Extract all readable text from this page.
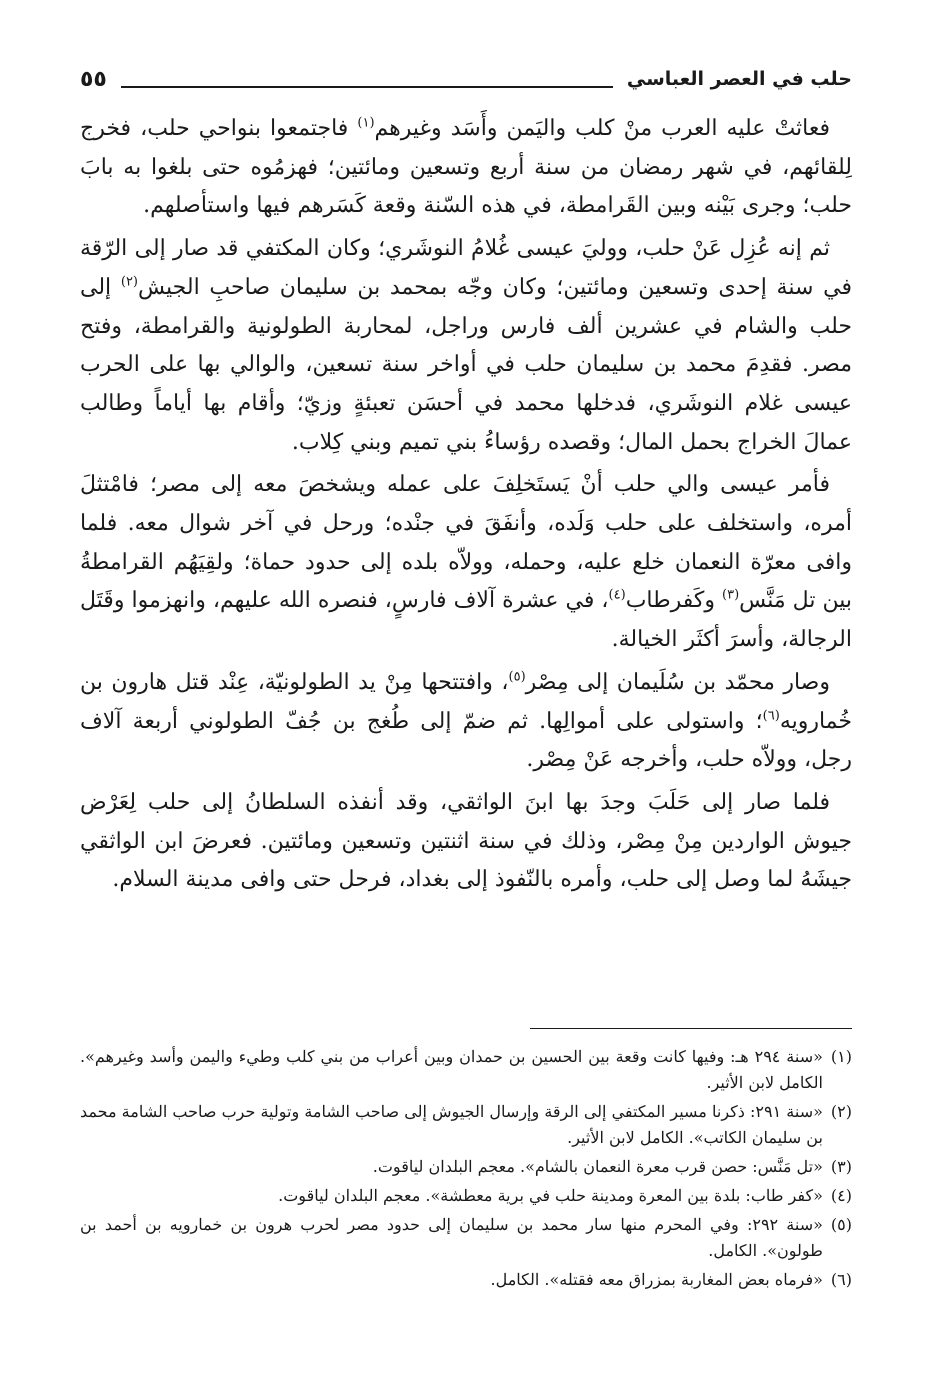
حلب في العصر العباسي
٥٥

فعاثتْ عليه العرب منْ كلب واليَمن وأَسَد وغيرهم$^{(١)}$ فاجتمعوا بنواحي حلب، فخرج لِلقائهم، في شهر رمضان من سنة أربع وتسعين ومائتين؛ فهزمُوه حتى بلغوا به بابَ حلب؛ وجرى بَيْنه وبين القَرامطة، في هذه السّنة وقعة كَسَرهم فيها واستأصلهم.

ثم إنه عُزِل عَنْ حلب، ووليَ عيسى غُلامُ النوشَري؛ وكان المكتفي قد صار إلى الرّقة في سنة إحدى وتسعين ومائتين؛ وكان وجّه بمحمد بن سليمان صاحبِ الجيش$^{(٢)}$ إلى حلب والشام في عشرين ألف فارس وراجل، لمحاربة الطولونية والقرامطة، وفتح مصر. فقدِمَ محمد بن سليمان حلب في أواخر سنة تسعين، والوالي بها على الحرب عيسى غلام النوشَري، فدخلها محمد في أحسَن تعبئةٍ وزيّ؛ وأقام بها أياماً وطالب عمالَ الخراج بحمل المال؛ وقصده رؤساءُ بني تميم وبني كِلاب.

فأمر عيسى والي حلب أنْ يَستَخلِفَ على عمله ويشخصَ معه إلى مصر؛ فامْتثلَ أمره، واستخلف على حلب وَلَده، وأنفَقَ في جنْده؛ ورحل في آخر شوال معه. فلما وافى معرّة النعمان خلع عليه، وحمله، وولاّه بلده إلى حدود حماة؛ ولقِيَهُم القرامطةُ بين تل مَنَّس$^{(٣)}$ وكَفرطاب$^{(٤)}$، في عشرة آلاف فارسٍ، فنصره الله عليهم، وانهزموا وقَتَل الرجالة، وأسرَ أكثَر الخيالة.

وصار محمّد بن سُلَيمان إلى مِصْر$^{(٥)}$، وافتتحها مِنْ يد الطولونيّة، عِنْد قتل هارون بن خُمارويه$^{(٦)}$؛ واستولى على أموالِها. ثم ضمّ إلى طُغج بن جُفّ الطولوني أربعة آلاف رجل، وولاّه حلب، وأخرجه عَنْ مِصْر.

فلما صار إلى حَلَبَ وجدَ بها ابنَ الواثقي، وقد أنفذه السلطانُ إلى حلب لِعَرْض جيوش الواردين مِنْ مِصْر، وذلك في سنة اثنتين وتسعين ومائتين. فعرضَ ابن الواثقي جيشَهُ لما وصل إلى حلب، وأمره بالنّفوذ إلى بغداد، فرحل حتى وافى مدينة السلام.

(١)
«سنة ٢٩٤ هـ: وفيها كانت وقعة بين الحسين بن حمدان وبين أعراب من بني كلب وطيء واليمن وأسد وغيرهم». الكامل لابن الأثير.
(٢)
«سنة ٢٩١: ذكرنا مسير المكتفي إلى الرقة وإرسال الجيوش إلى صاحب الشامة وتولية حرب صاحب الشامة محمد بن سليمان الكاتب». الكامل لابن الأثير.
(٣)
«تل مَنَّس: حصن قرب معرة النعمان بالشام». معجم البلدان لياقوت.
(٤)
«كفر طاب: بلدة بين المعرة ومدينة حلب في برية معطشة». معجم البلدان لياقوت.
(٥)
«سنة ٢٩٢: وفي المحرم منها سار محمد بن سليمان إلى حدود مصر لحرب هرون بن خمارويه بن أحمد بن طولون». الكامل.
(٦)
«فرماه بعض المغاربة بمزراق معه فقتله». الكامل.
